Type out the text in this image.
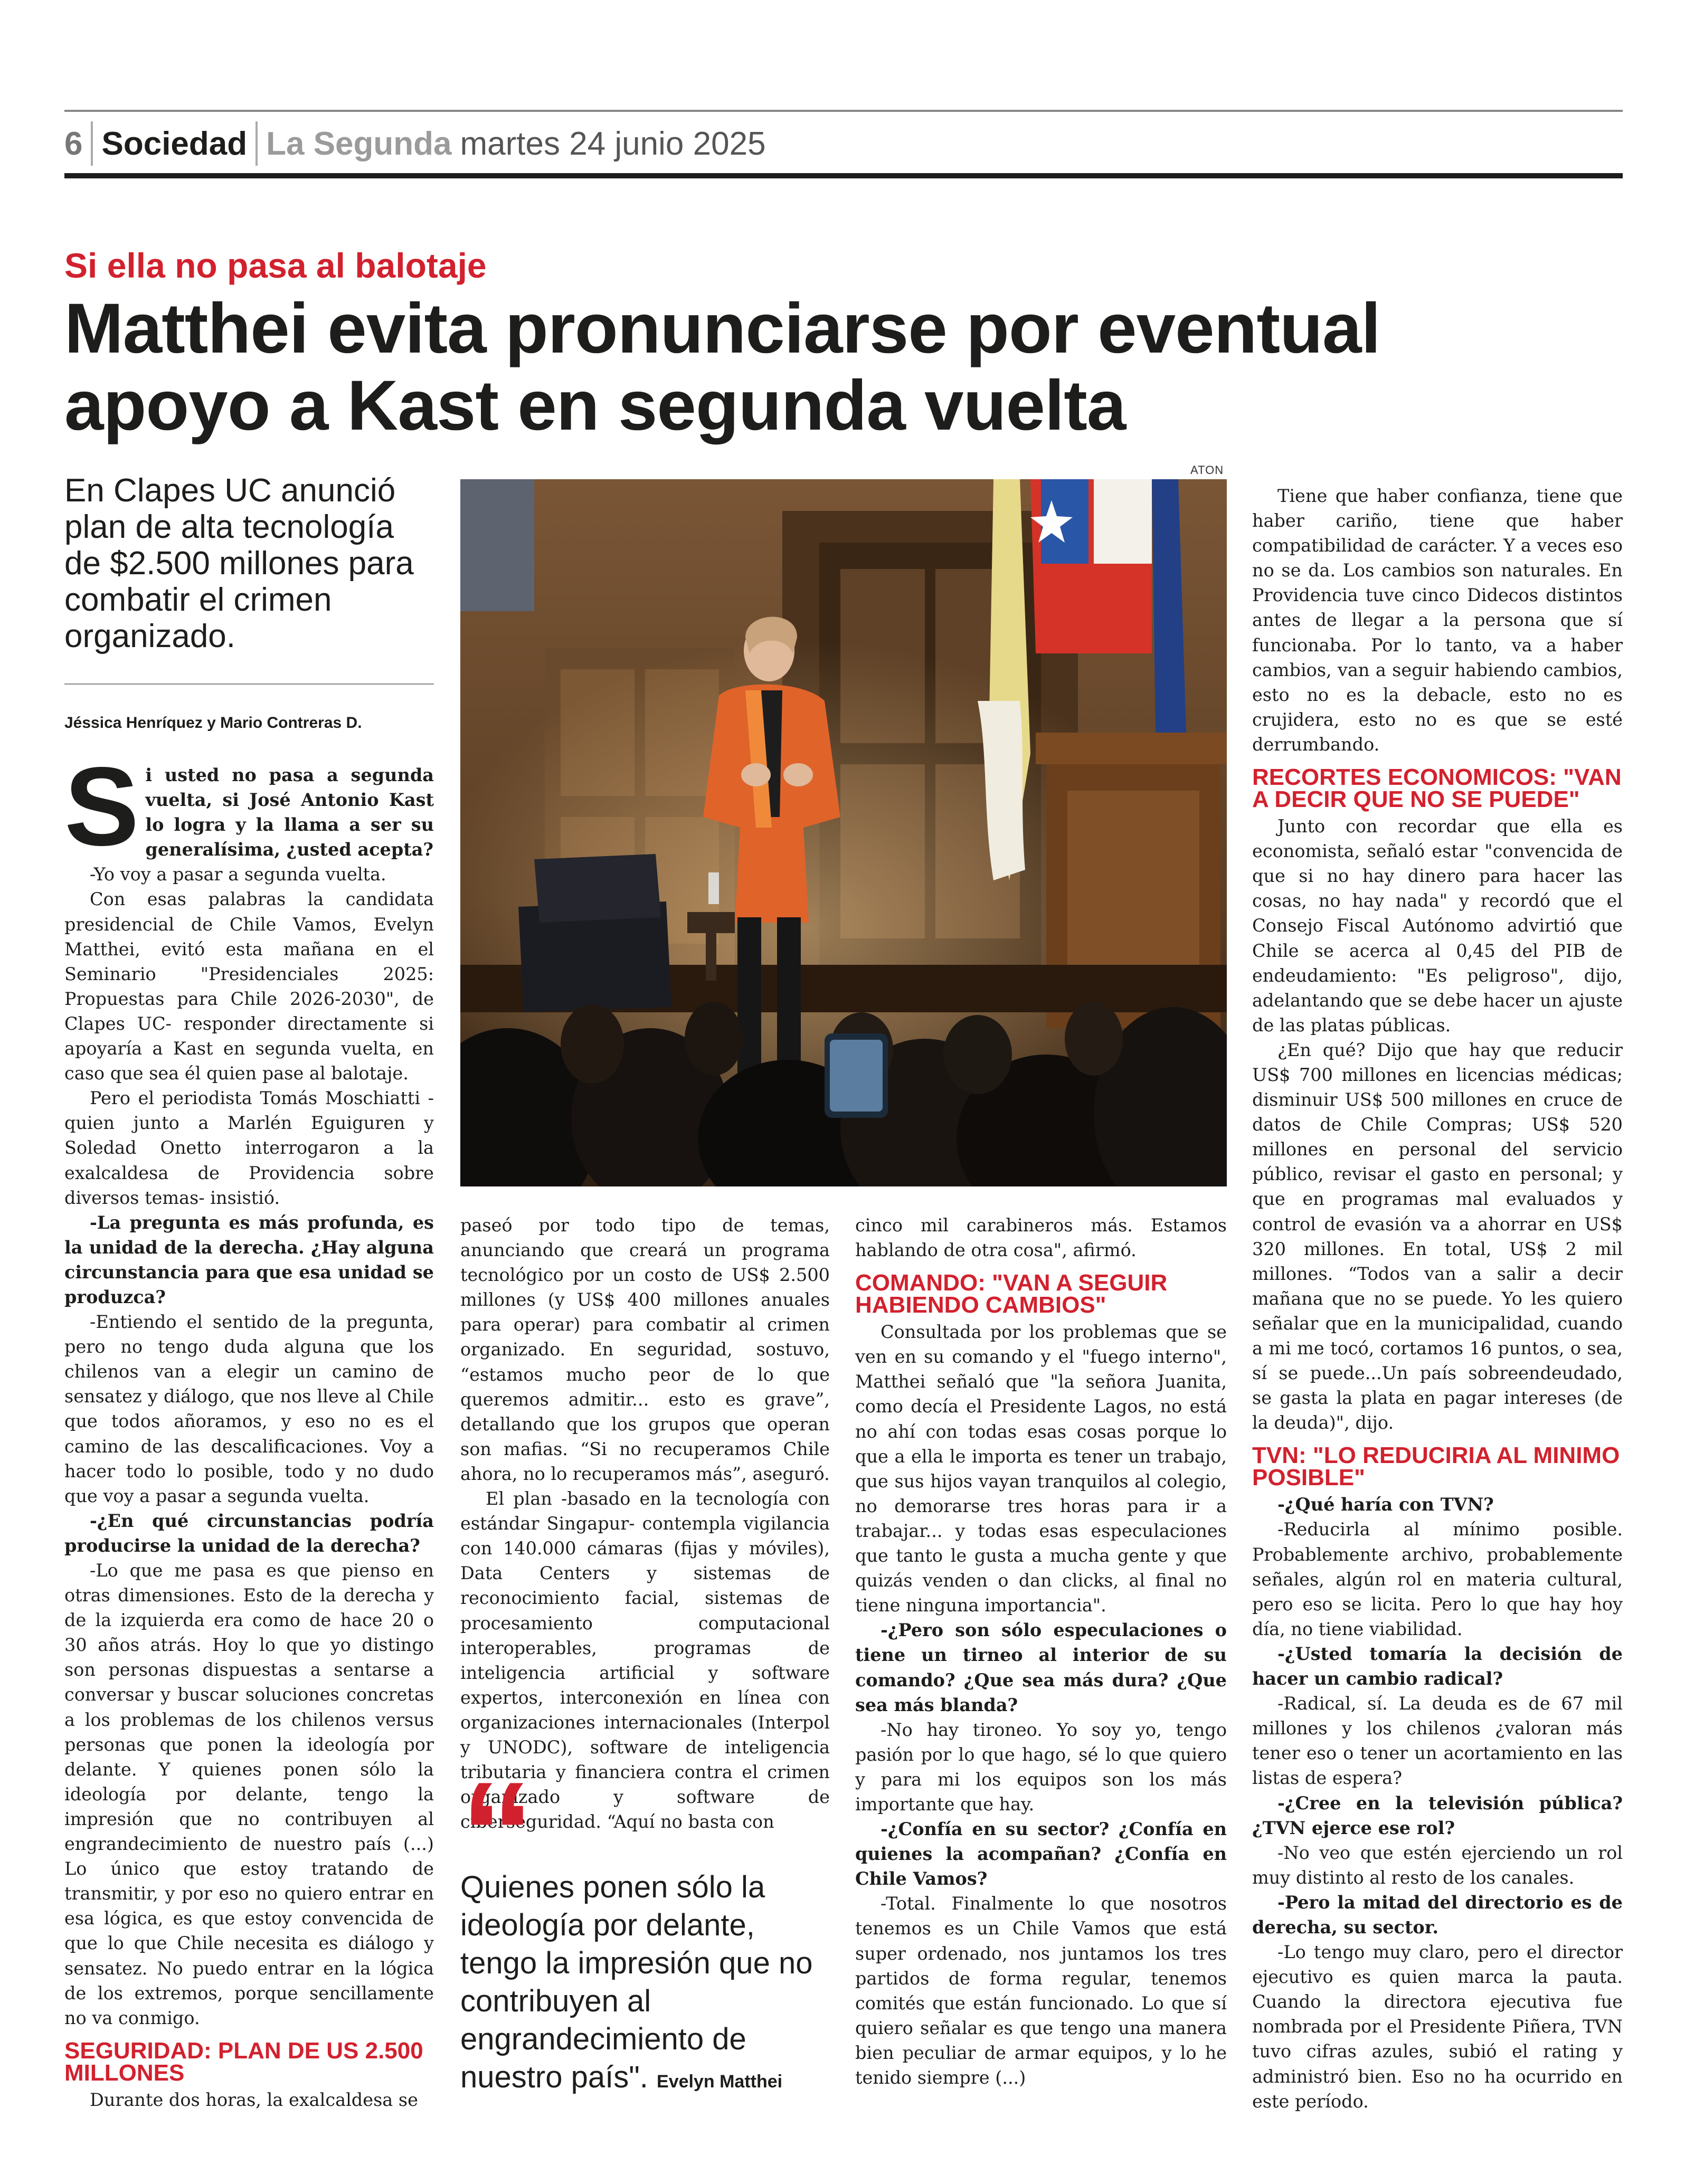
6 Sociedad La Segunda martes 24 junio 2025
Si ella no pasa al balotaje
Matthei evita pronunciarse por eventual
apoyo a Kast en segunda vuelta
En Clapes UC anunció plan de alta tecnología de $2.500 millones para combatir el crimen organizado.
Jéssica Henríquez y Mario Contreras D.
ATON
S i usted no pasa a segunda vuelta, si José Antonio Kast lo logra y la llama a ser su generalísima, ¿usted acepta?

-Yo voy a pasar a segunda vuelta.

Con esas palabras la candidata presidencial de Chile Vamos, Evelyn Matthei, evitó esta mañana en el Seminario "Presidenciales 2025: Propuestas para Chile 2026-2030", de Clapes UC- responder directamente si apoyaría a Kast en segunda vuelta, en caso que sea él quien pase al balotaje.

Pero el periodista Tomás Moschiatti -quien junto a Marlén Eguiguren y Soledad Onetto interrogaron a la exalcaldesa de Providencia sobre diversos temas- insistió.

-La pregunta es más profunda, es la unidad de la derecha. ¿Hay alguna circunstancia para que esa unidad se produzca?

-Entiendo el sentido de la pregunta, pero no tengo duda alguna que los chilenos van a elegir un camino de sensatez y diálogo, que nos lleve al Chile que todos añoramos, y eso no es el camino de las descalificaciones. Voy a hacer todo lo posible, todo y no dudo que voy a pasar a segunda vuelta.

-¿En qué circunstancias podría producirse la unidad de la derecha?

-Lo que me pasa es que pienso en otras dimensiones. Esto de la derecha y de la izquierda era como de hace 20 o 30 años atrás. Hoy lo que yo distingo son personas dispuestas a sentarse a conversar y buscar soluciones concretas a los problemas de los chilenos versus personas que ponen la ideología por delante. Y quienes ponen sólo la ideología por delante, tengo la impresión que no contribuyen al engrandecimiento de nuestro país (...) Lo único que estoy tratando de transmitir, y por eso no quiero entrar en esa lógica, es que estoy convencida de que lo que Chile necesita es diálogo y sensatez. No puedo entrar en la lógica de los extremos, porque sencillamente no va conmigo.

SEGURIDAD: PLAN DE US 2.500 MILLONES

Durante dos horas, la exalcaldesa se

paseó por todo tipo de temas, anunciando que creará un programa tecnológico por un costo de US$ 2.500 millones (y US$ 400 millones anuales para operar) para combatir al crimen organizado. En seguridad, sostuvo, “estamos mucho peor de lo que queremos admitir... esto es grave”, detallando que los grupos que operan son mafias. “Si no recuperamos Chile ahora, no lo recuperamos más”, aseguró.

El plan -basado en la tecnología con estándar Singapur- contempla vigilancia con 140.000 cámaras (fijas y móviles), Data Centers y sistemas de reconocimiento facial, sistemas de procesamiento computacional interoperables, programas de inteligencia artificial y software expertos, interconexión en línea con organizaciones internacionales (Interpol y UNODC), software de inteligencia tributaria y financiera contra el crimen organizado y software de ciberseguridad. “Aquí no basta con

“
Quienes ponen sólo la ideología por delante, tengo la impresión que no contribuyen al engrandecimiento de nuestro país". Evelyn Matthei

cinco mil carabineros más. Estamos hablando de otra cosa", afirmó.

COMANDO: "VAN A SEGUIR HABIENDO CAMBIOS"

Consultada por los problemas que se ven en su comando y el "fuego interno", Matthei señaló que "la señora Juanita, como decía el Presidente Lagos, no está no ahí con todas esas cosas porque lo que a ella le importa es tener un trabajo, que sus hijos vayan tranquilos al colegio, no demorarse tres horas para ir a trabajar... y todas esas especulaciones que tanto le gusta a mucha gente y que quizás venden o dan clicks, al final no tiene ninguna importancia".

-¿Pero son sólo especulaciones o tiene un tirneo al interior de su comando? ¿Que sea más dura? ¿Que sea más blanda?

-No hay tironeo. Yo soy yo, tengo pasión por lo que hago, sé lo que quiero y para mi los equipos son los más importante que hay.

-¿Confía en su sector? ¿Confía en quienes la acompañan? ¿Confía en Chile Vamos?

-Total. Finalmente lo que nosotros tenemos es un Chile Vamos que está super ordenado, nos juntamos los tres partidos de forma regular, tenemos comités que están funcionado. Lo que sí quiero señalar es que tengo una manera bien peculiar de armar equipos, y lo he tenido siempre (...)

Tiene que haber confianza, tiene que haber cariño, tiene que haber compatibilidad de carácter. Y a veces eso no se da. Los cambios son naturales. En Providencia tuve cinco Didecos distintos antes de llegar a la persona que sí funcionaba. Por lo tanto, va a haber cambios, van a seguir habiendo cambios, esto no es la debacle, esto no es crujidera, esto no es que se esté derrumbando.

RECORTES ECONOMICOS: "VAN A DECIR QUE NO SE PUEDE"

Junto con recordar que ella es economista, señaló estar "convencida de que si no hay dinero para hacer las cosas, no hay nada" y recordó que el Consejo Fiscal Autónomo advirtió que Chile se acerca al 0,45 del PIB de endeudamiento: "Es peligroso", dijo, adelantando que se debe hacer un ajuste de las platas públicas.

¿En qué? Dijo que hay que reducir US$ 700 millones en licencias médicas; disminuir US$ 500 millones en cruce de datos de Chile Compras; US$ 520 millones en personal del servicio público, revisar el gasto en personal; y que en programas mal evaluados y control de evasión va a ahorrar en US$ 320 millones. En total, US$ 2 mil millones. “Todos van a salir a decir mañana que no se puede. Yo les quiero señalar que en la municipalidad, cuando a mi me tocó, cortamos 16 puntos, o sea, sí se puede...Un país sobreendeudado, se gasta la plata en pagar intereses (de la deuda)", dijo.

TVN: "LO REDUCIRIA AL MINIMO POSIBLE"

-¿Qué haría con TVN?

-Reducirla al mínimo posible. Probablemente archivo, probablemente señales, algún rol en materia cultural, pero eso se licita. Pero lo que hay hoy día, no tiene viabilidad.

-¿Usted tomaría la decisión de hacer un cambio radical?

-Radical, sí. La deuda es de 67 mil millones y los chilenos ¿valoran más tener eso o tener un acortamiento en las listas de espera?

-¿Cree en la televisión pública? ¿TVN ejerce ese rol?

-No veo que estén ejerciendo un rol muy distinto al resto de los canales.

-Pero la mitad del directorio es de derecha, su sector.

-Lo tengo muy claro, pero el director ejecutivo es quien marca la pauta. Cuando la directora ejecutiva fue nombrada por el Presidente Piñera, TVN tuvo cifras azules, subió el rating y administró bien. Eso no ha ocurrido en este período.
